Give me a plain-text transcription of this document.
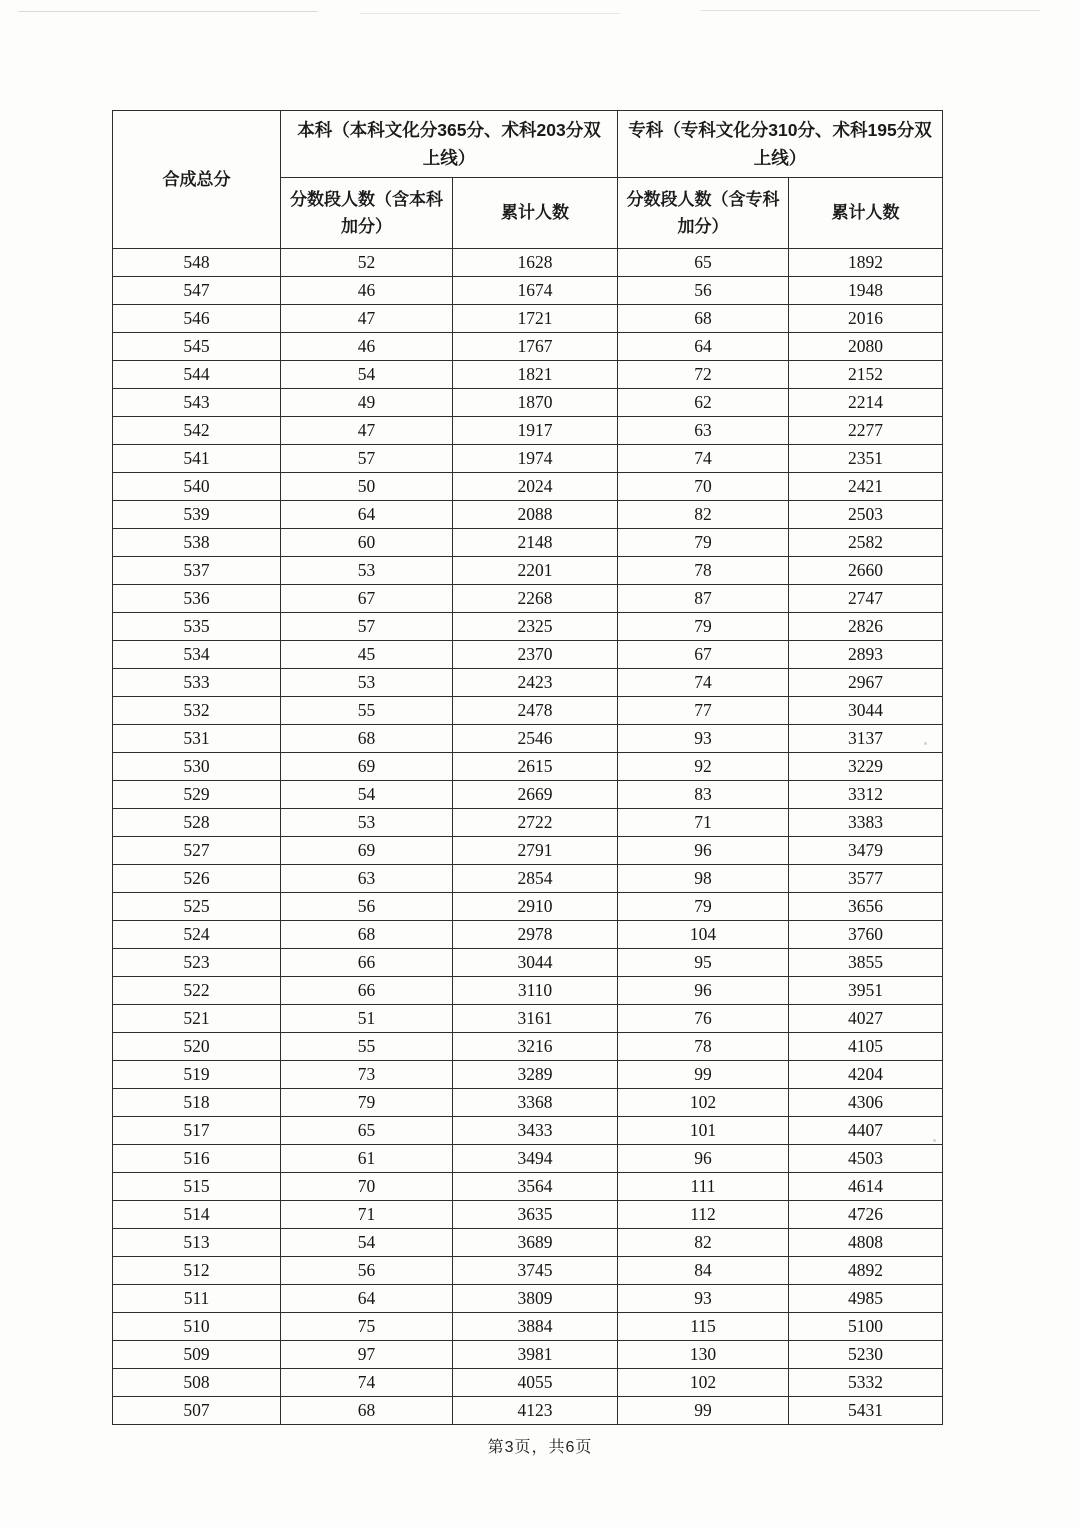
合成总分	本科（本科文化分365分、术科203分双上线）		专科（专科文化分310分、术科195分双上线）	
	分数段人数（含本科加分）	累计人数	分数段人数（含专科加分）	累计人数
548	52	1628	65	1892
547	46	1674	56	1948
546	47	1721	68	2016
545	46	1767	64	2080
544	54	1821	72	2152
543	49	1870	62	2214
542	47	1917	63	2277
541	57	1974	74	2351
540	50	2024	70	2421
539	64	2088	82	2503
538	60	2148	79	2582
537	53	2201	78	2660
536	67	2268	87	2747
535	57	2325	79	2826
534	45	2370	67	2893
533	53	2423	74	2967
532	55	2478	77	3044
531	68	2546	93	3137
530	69	2615	92	3229
529	54	2669	83	3312
528	53	2722	71	3383
527	69	2791	96	3479
526	63	2854	98	3577
525	56	2910	79	3656
524	68	2978	104	3760
523	66	3044	95	3855
522	66	3110	96	3951
521	51	3161	76	4027
520	55	3216	78	4105
519	73	3289	99	4204
518	79	3368	102	4306
517	65	3433	101	4407
516	61	3494	96	4503
515	70	3564	111	4614
514	71	3635	112	4726
513	54	3689	82	4808
512	56	3745	84	4892
511	64	3809	93	4985
510	75	3884	115	5100
509	97	3981	130	5230
508	74	4055	102	5332
507	68	4123	99	5431
第3页，共6页
